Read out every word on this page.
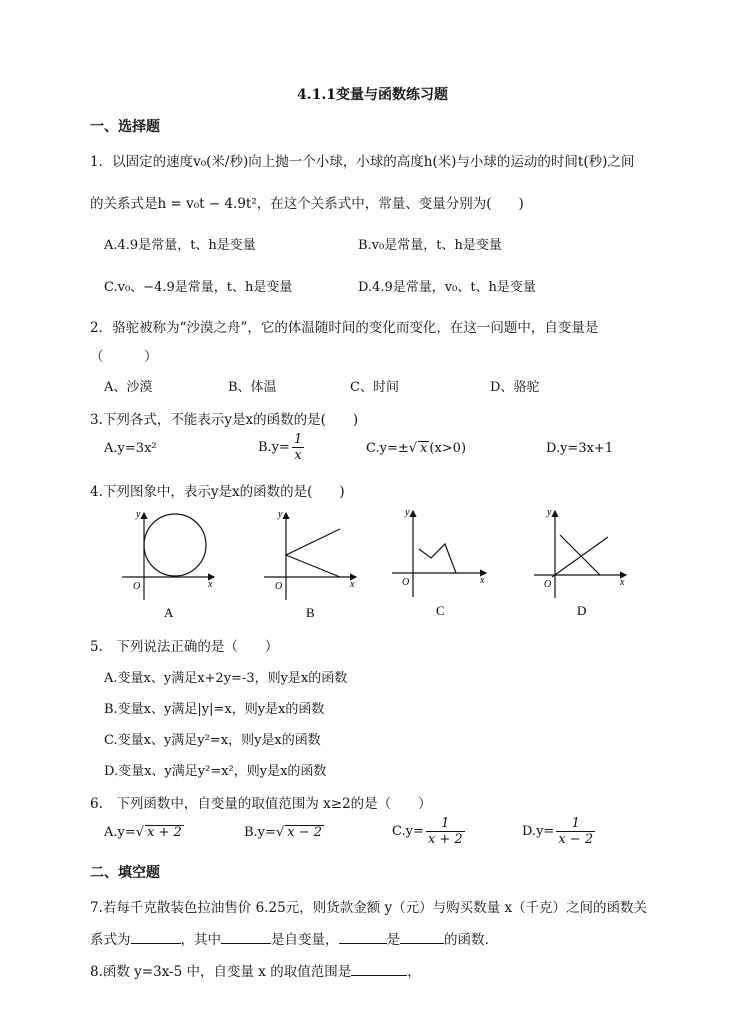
4.1.1变量与函数练习题
一、选择题
1．以固定的速度v₀(米/秒)向上抛一个小球，小球的高度h(米)与小球的运动的时间t(秒)之间
的关系式是h = v₀t − 4.9t²，在这个关系式中，常量、变量分别为(　　)
A.4.9是常量，t、h是变量	B.v₀是常量，t、h是变量
C.v₀、−4.9是常量，t、h是变量	D.4.9是常量，v₀、t、h是变量
2．骆驼被称为“沙漠之舟”，它的体温随时间的变化而变化，在这一问题中，自变量是
（　　　）
A、沙漠	B、体温	C、时间	D、骆驼
3.下列各式，不能表示y是x的函数的是(　　)
A.y=3x²	$B.y= \frac{1}{x}$	C.y=±√ x (x>0)	D.y=3x+1
4.下列图象中，表示y是x的函数的是(　　)
y
x
O
A
y
x
O
B
y
x
O
C
y
x
O
D
5.　下列说法正确的是（　　）
A.变量x、y满足x+2y=-3，则y是x的函数
B.变量x、y满足|y|=x，则y是x的函数
C.变量x、y满足y²=x，则y是x的函数
D.变量x、y满足y²=x²，则y是x的函数
6.　下列函数中，自变量的取值范围为 x≥2的是（　　）
A.y=√ x + 2	B.y=√ x − 2	$C.y= \frac{1}{x + 2}$	$D.y= \frac{1}{x - 2}$
二、填空题
7.若每千克散装色拉油售价 6.25元，则货款金额 y（元）与购买数量 x（千克）之间的函数关
系式为	，其中	是自变量，	是	的函数.
8.函数 y=3x-5 中，自变量 x 的取值范围是	，
